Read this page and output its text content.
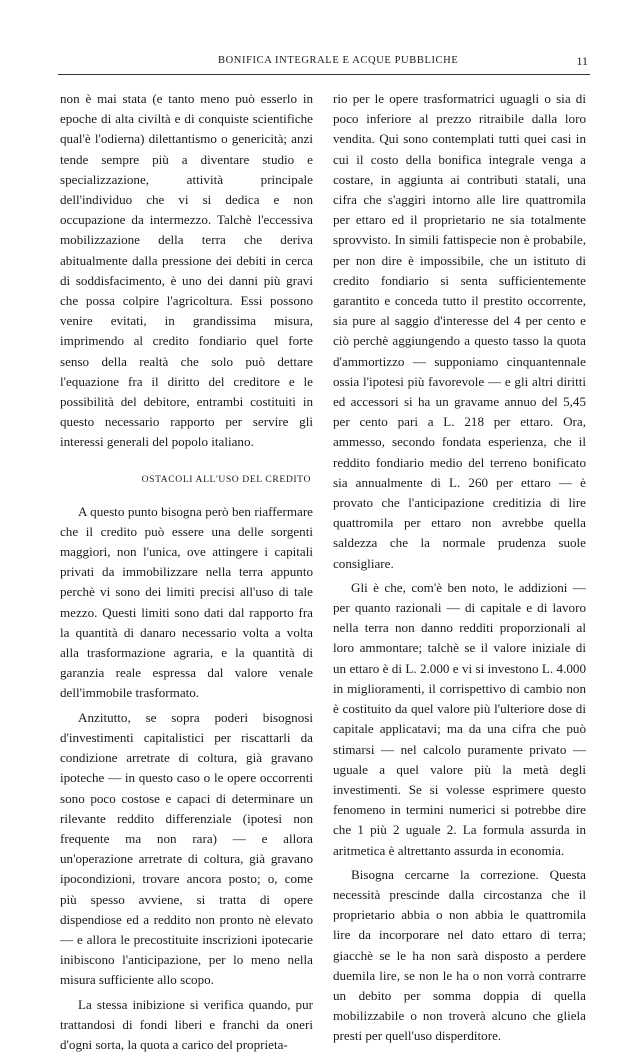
BONIFICA INTEGRALE E ACQUE PUBBLICHE	11

non è mai stata (e tanto meno può esserlo in epoche di alta civiltà e di conquiste scientifiche qual'è l'odierna) dilettantismo o genericità; anzi tende sempre più a diventare studio e specializzazione, attività principale dell'individuo che vi si dedica e non occupazione da intermezzo. Talchè l'eccessiva mobilizzazione della terra che deriva abitualmente dalla pressione dei debiti in cerca di soddisfacimento, è uno dei danni più gravi che possa colpire l'agricoltura. Essi possono venire evitati, in grandissima misura, imprimendo al credito fondiario quel forte senso della realtà che solo può dettare l'equazione fra il diritto del creditore e le possibilità del debitore, entrambi costituiti in questo necessario rapporto per servire gli interessi generali del popolo italiano.

OSTACOLI ALL'USO DEL CREDITO

A questo punto bisogna però ben riaffermare che il credito può essere una delle sorgenti maggiori, non l'unica, ove attingere i capitali privati da immobilizzare nella terra appunto perchè vi sono dei limiti precisi all'uso di tale mezzo. Questi limiti sono dati dal rapporto fra la quantità di danaro necessario volta a volta alla trasformazione agraria, e la quantità di garanzia reale espressa dal valore venale dell'immobile trasformato.

Anzitutto, se sopra poderi bisognosi d'investimenti capitalistici per riscattarli da condizione arretrate di coltura, già gravano ipoteche — in questo caso o le opere occorrenti sono poco costose e capaci di determinare un rilevante reddito differenziale (ipotesi non frequente ma non rara) — e allora un'operazione arretrate di coltura, già gravano ipocondizioni, trovare ancora posto; o, come più spesso avviene, si tratta di opere dispendiose ed a reddito non pronto nè elevato — e allora le precostituite inscrizioni ipotecarie inibiscono l'anticipazione, per lo meno nella misura sufficiente allo scopo.

La stessa inibizione si verifica quando, pur trattandosi di fondi liberi e franchi da oneri d'ogni sorta, la quota a carico del proprieta-

rio per le opere trasformatrici uguagli o sia di poco inferiore al prezzo ritraibile dalla loro vendita. Qui sono contemplati tutti quei casi in cui il costo della bonifica integrale venga a costare, in aggiunta ai contributi statali, una cifra che s'aggiri intorno alle lire quattromila per ettaro ed il proprietario ne sia totalmente sprovvisto. In simili fattispecie non è probabile, per non dire è impossibile, che un istituto di credito fondiario si senta sufficientemente garantito e conceda tutto il prestito occorrente, sia pure al saggio d'interesse del 4 per cento e ciò perchè aggiungendo a questo tasso la quota d'ammortizzo — supponiamo cinquantennale ossia l'ipotesi più favorevole — e gli altri diritti ed accessori si ha un gravame annuo del 5,45 per cento pari a L. 218 per ettaro. Ora, ammesso, secondo fondata esperienza, che il reddito fondiario medio del terreno bonificato sia annualmente di L. 260 per ettaro — è provato che l'anticipazione creditizia di lire quattromila per ettaro non avrebbe quella saldezza che la normale prudenza suole consigliare.

Gli è che, com'è ben noto, le addizioni — per quanto razionali — di capitale e di lavoro nella terra non danno redditi proporzionali al loro ammontare; talchè se il valore iniziale di un ettaro è di L. 2.000 e vi si investono L. 4.000 in miglioramenti, il corrispettivo di cambio non è costituito da quel valore più l'ulteriore dose di capitale applicatavi; ma da una cifra che può stimarsi — nel calcolo puramente privato — uguale a quel valore più la metà degli investimenti. Se si volesse esprimere questo fenomeno in termini numerici si potrebbe dire che 1 più 2 uguale 2. La formula assurda in aritmetica è altrettanto assurda in economia.

Bisogna cercarne la correzione. Questa necessità prescinde dalla circostanza che il proprietario abbia o non abbia le quattromila lire da incorporare nel dato ettaro di terra; giacchè se le ha non sarà disposto a perdere duemila lire, se non le ha o non vorrà contrarre un debito per somma doppia di quella mobilizzabile o non troverà alcuno che gliela presti per quell'uso disperditore.
